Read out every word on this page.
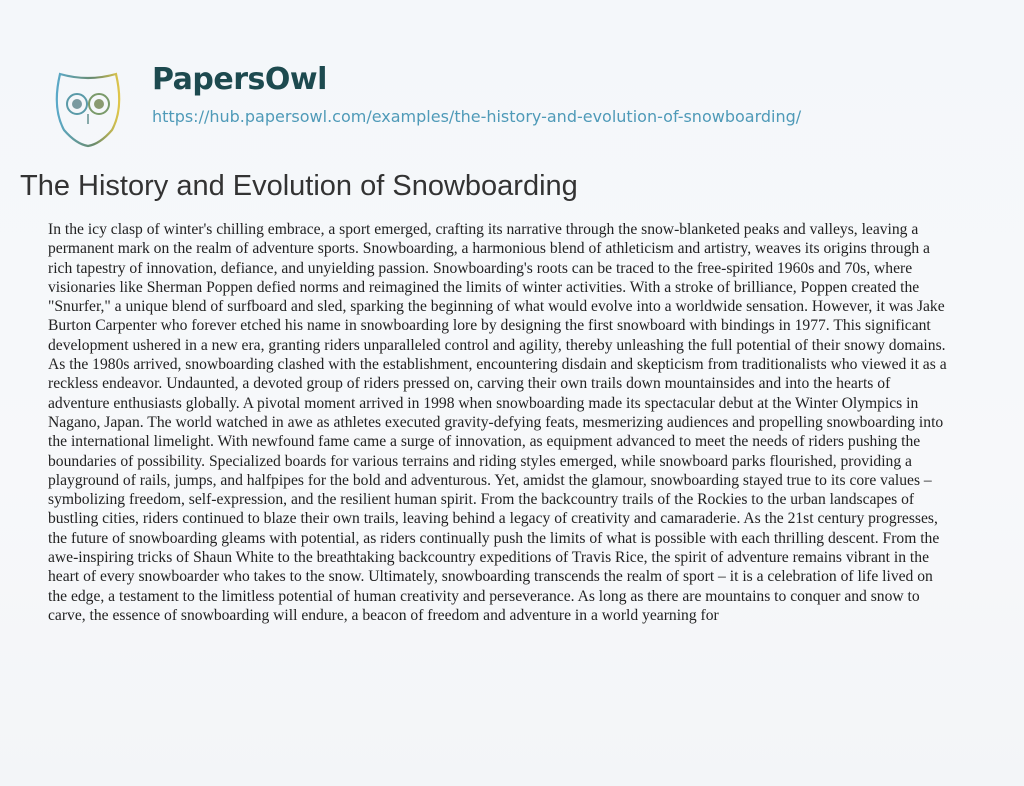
PapersOwl
https://hub.papersowl.com/examples/the-history-and-evolution-of-snowboarding/
The History and Evolution of Snowboarding
In the icy clasp of winter's chilling embrace, a sport emerged, crafting its narrative through the snow-blanketed peaks and valleys, leaving a
permanent mark on the realm of adventure sports. Snowboarding, a harmonious blend of athleticism and artistry, weaves its origins through a
rich tapestry of innovation, defiance, and unyielding passion. Snowboarding's roots can be traced to the free-spirited 1960s and 70s, where
visionaries like Sherman Poppen defied norms and reimagined the limits of winter activities. With a stroke of brilliance, Poppen created the
"Snurfer," a unique blend of surfboard and sled, sparking the beginning of what would evolve into a worldwide sensation. However, it was Jake
Burton Carpenter who forever etched his name in snowboarding lore by designing the first snowboard with bindings in 1977. This significant
development ushered in a new era, granting riders unparalleled control and agility, thereby unleashing the full potential of their snowy domains.
As the 1980s arrived, snowboarding clashed with the establishment, encountering disdain and skepticism from traditionalists who viewed it as a
reckless endeavor. Undaunted, a devoted group of riders pressed on, carving their own trails down mountainsides and into the hearts of
adventure enthusiasts globally. A pivotal moment arrived in 1998 when snowboarding made its spectacular debut at the Winter Olympics in
Nagano, Japan. The world watched in awe as athletes executed gravity-defying feats, mesmerizing audiences and propelling snowboarding into
the international limelight. With newfound fame came a surge of innovation, as equipment advanced to meet the needs of riders pushing the
boundaries of possibility. Specialized boards for various terrains and riding styles emerged, while snowboard parks flourished, providing a
playground of rails, jumps, and halfpipes for the bold and adventurous. Yet, amidst the glamour, snowboarding stayed true to its core values –
symbolizing freedom, self-expression, and the resilient human spirit. From the backcountry trails of the Rockies to the urban landscapes of
bustling cities, riders continued to blaze their own trails, leaving behind a legacy of creativity and camaraderie. As the 21st century progresses,
the future of snowboarding gleams with potential, as riders continually push the limits of what is possible with each thrilling descent. From the
awe-inspiring tricks of Shaun White to the breathtaking backcountry expeditions of Travis Rice, the spirit of adventure remains vibrant in the
heart of every snowboarder who takes to the snow. Ultimately, snowboarding transcends the realm of sport – it is a celebration of life lived on
the edge, a testament to the limitless potential of human creativity and perseverance. As long as there are mountains to conquer and snow to
carve, the essence of snowboarding will endure, a beacon of freedom and adventure in a world yearning for
